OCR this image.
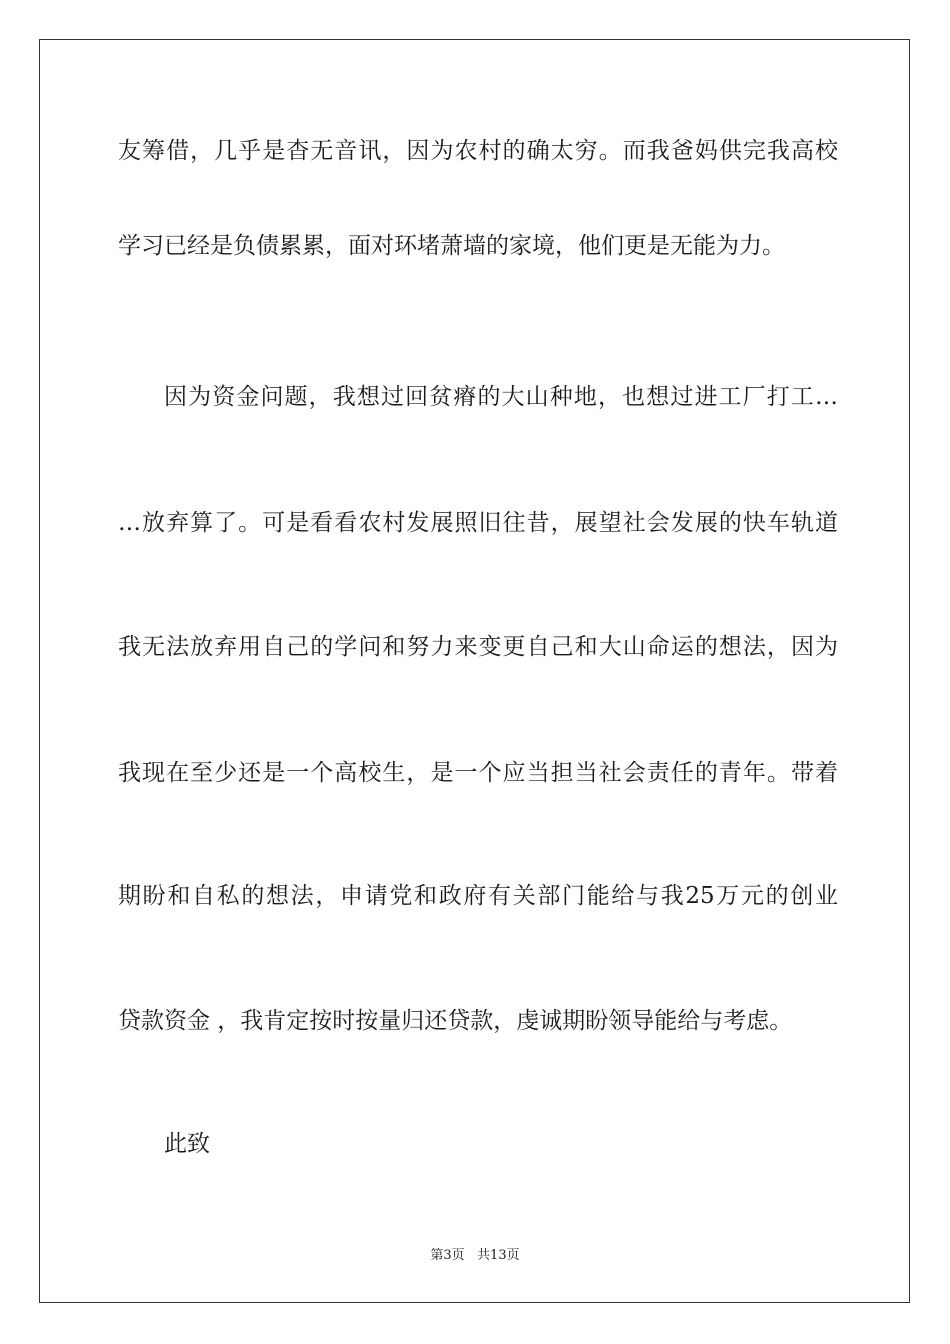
友筹借，几乎是杳无音讯，因为农村的确太穷。而我爸妈供完我高校
学习已经是负债累累，面对环堵萧墙的家境，他们更是无能为力。
因为资金问题，我想过回贫瘠的大山种地，也想过进工厂打工…
…放弃算了。可是看看农村发展照旧往昔，展望社会发展的快车轨道
我无法放弃用自己的学问和努力来变更自己和大山命运的想法，因为
我现在至少还是一个高校生，是一个应当担当社会责任的青年。带着
期盼和自私的想法，申请党和政府有关部门能给与我25万元的创业
贷款资金 ，我肯定按时按量归还贷款，虔诚期盼领导能给与考虑。
此致
第3页   共13页
